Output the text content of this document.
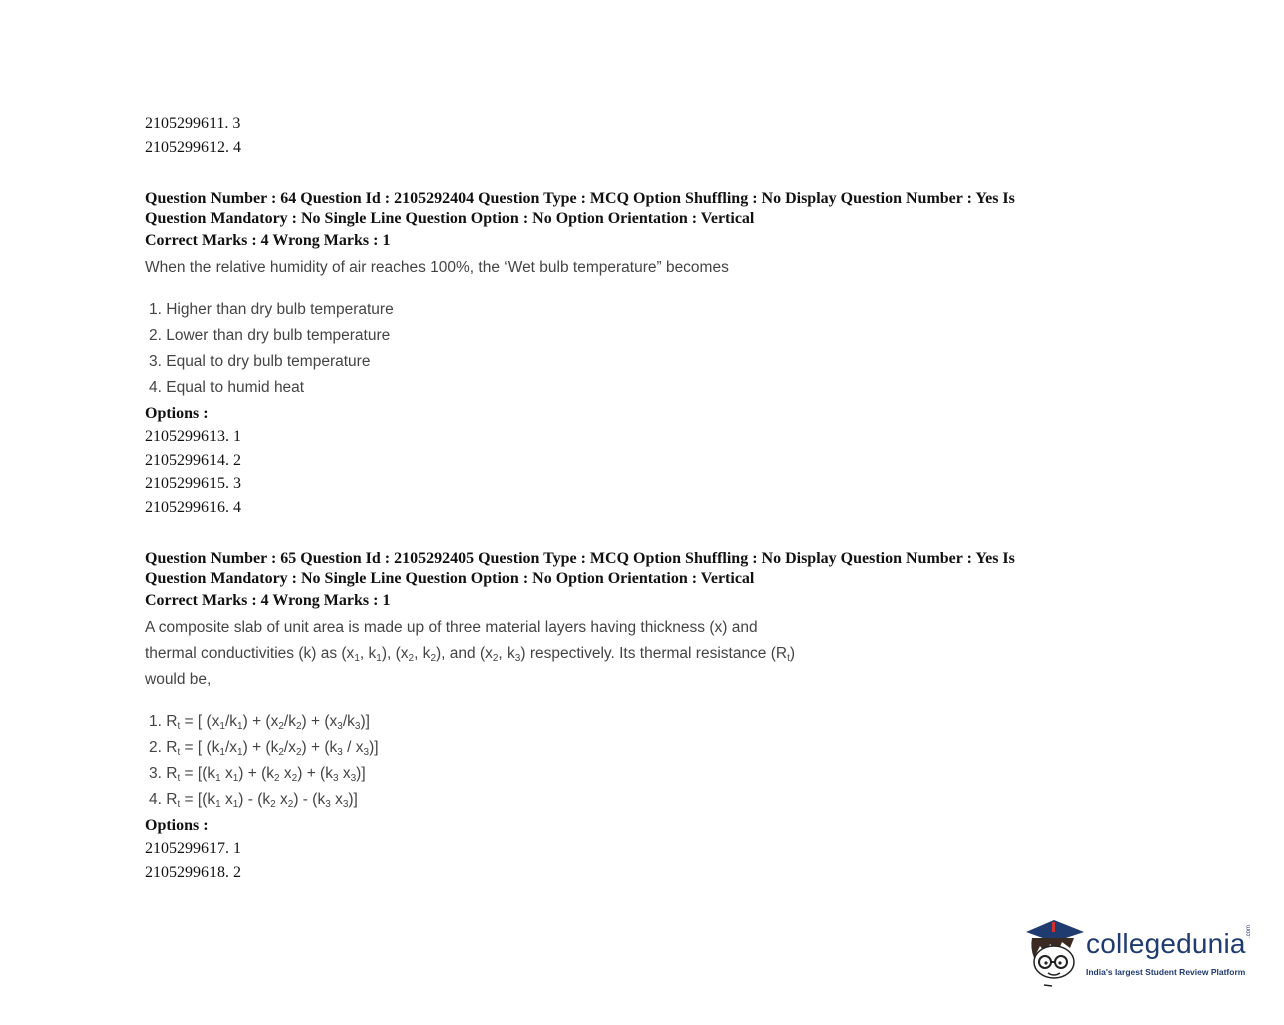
2105299611. 3
2105299612. 4
Question Number : 64 Question Id : 2105292404 Question Type : MCQ Option Shuffling : No Display Question Number : Yes Is
Question Mandatory : No Single Line Question Option : No Option Orientation : Vertical
Correct Marks : 4 Wrong Marks : 1
When the relative humidity of air reaches 100%, the ‘Wet bulb temperature” becomes
1. Higher than dry bulb temperature
2. Lower than dry bulb temperature
3. Equal to dry bulb temperature
4. Equal to humid heat
Options :
2105299613. 1
2105299614. 2
2105299615. 3
2105299616. 4
Question Number : 65 Question Id : 2105292405 Question Type : MCQ Option Shuffling : No Display Question Number : Yes Is
Question Mandatory : No Single Line Question Option : No Option Orientation : Vertical
Correct Marks : 4 Wrong Marks : 1
A composite slab of unit area is made up of three material layers having thickness (x) and
thermal conductivities (k) as ($x_1$, $k_1$), ($x_2$, $k_2$), and ($x_2$, $k_3$) respectively. Its thermal resistance $(R_t)$
would be,
1. $R_t$ = [ $(x_1/k_1) + (x_2/k_2) + (x_3/k_3)$]
2. $R_t$ = [ $(k_1/x_1) + (k_2/x_2) + (k_3 / x_3)$]
3. $R_t = [(k_1$ $x_1) + (k_2$ $x_2) + (k_3$ $x_3$)]
4. $R_t = [(k_1$ $x_1) - (k_2$ $x_2) - (k_3$ $x_3$)]
Options :
2105299617. 1
2105299618. 2
collegedunia .com
India's largest Student Review Platform
